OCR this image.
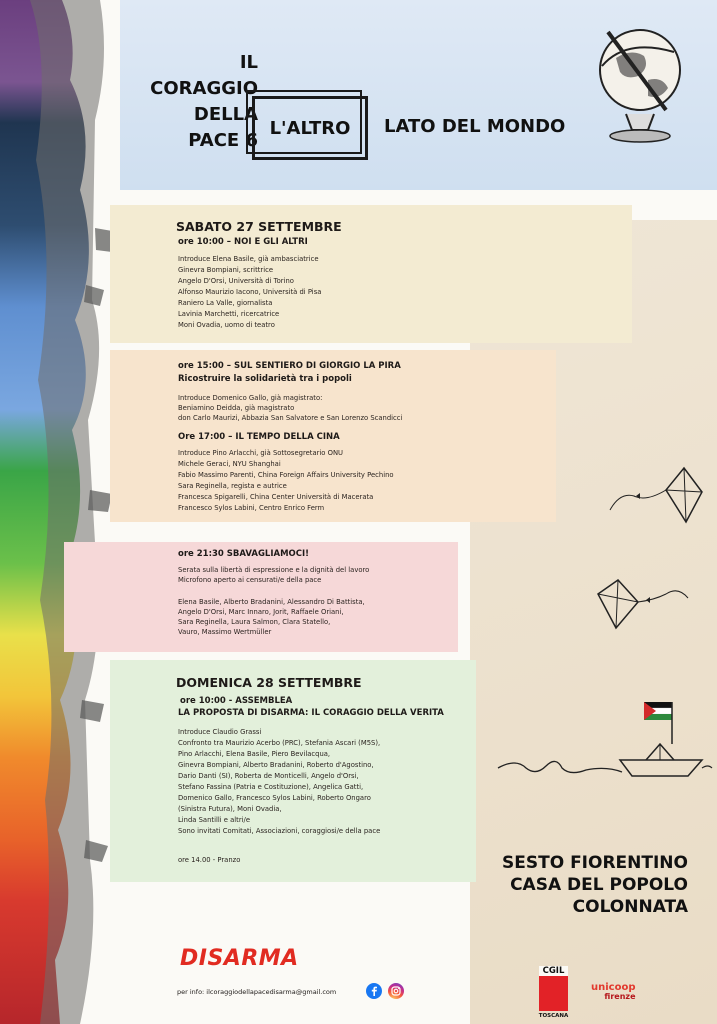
IL CORAGGIO
DELLA
PACE 6
L'ALTRO	LATO DEL MONDO
SABATO 27 SETTEMBRE
ore 10:00 – NOI E GLI ALTRI
Introduce Elena Basile, già ambasciatrice
Ginevra Bompiani, scrittrice
Angelo D'Orsi, Università di Torino
Alfonso Maurizio Iacono, Università di Pisa
Raniero La Valle, giornalista
Lavinia Marchetti, ricercatrice
Moni Ovadia, uomo di teatro
ore 15:00 – SUL SENTIERO DI GIORGIO LA PIRA
Ricostruire la solidarietà tra i popoli
Introduce Domenico Gallo, già magistrato:
Beniamino Deidda, già magistrato
don Carlo Maurizi, Abbazia San Salvatore e San Lorenzo Scandicci
Ore 17:00 – IL TEMPO DELLA CINA
Introduce Pino Arlacchi, già Sottosegretario ONU
Michele Geraci, NYU Shanghai
Fabio Massimo Parenti, China Foreign Affairs University Pechino
Sara Reginella, regista e autrice
Francesca Spigarelli, China Center Università di Macerata
Francesco Sylos Labini, Centro Enrico Ferm
ore 21:30 SBAVAGLIAMOCI!
Serata sulla libertà di espressione e la dignità del lavoro
Microfono aperto ai censurati/e della pace
Elena Basile, Alberto Bradanini, Alessandro Di Battista,
Angelo D'Orsi, Marc Innaro, Jorit, Raffaele Oriani,
Sara Reginella, Laura Salmon, Clara Statello,
Vauro, Massimo Wertmüller
DOMENICA 28 SETTEMBRE
ore 10:00 - ASSEMBLEA
LA PROPOSTA DI DISARMA: IL CORAGGIO DELLA VERITA
Introduce Claudio Grassi
Confronto tra Maurizio Acerbo (PRC), Stefania Ascari (M5S),
Pino Arlacchi, Elena Basile, Piero Bevilacqua,
Ginevra Bompiani, Alberto Bradanini, Roberto d'Agostino,
Dario Danti (SI), Roberta de Monticelli, Angelo d'Orsi,
Stefano Fassina (Patria e Costituzione), Angelica Gatti,
Domenico Gallo, Francesco Sylos Labini, Roberto Ongaro
(Sinistra Futura), Moni Ovadia,
Linda Santilli e altri/e
Sono invitati Comitati, Associazioni, coraggiosi/e della pace
ore 14.00 - Pranzo	SESTO FIORENTINO
CASA DEL POPOLO
COLONNATA
DISARMA
per info: ilcoraggiodellapacedisarma@gmail.com
CGIL
TOSCANA
unicoop
firenze
